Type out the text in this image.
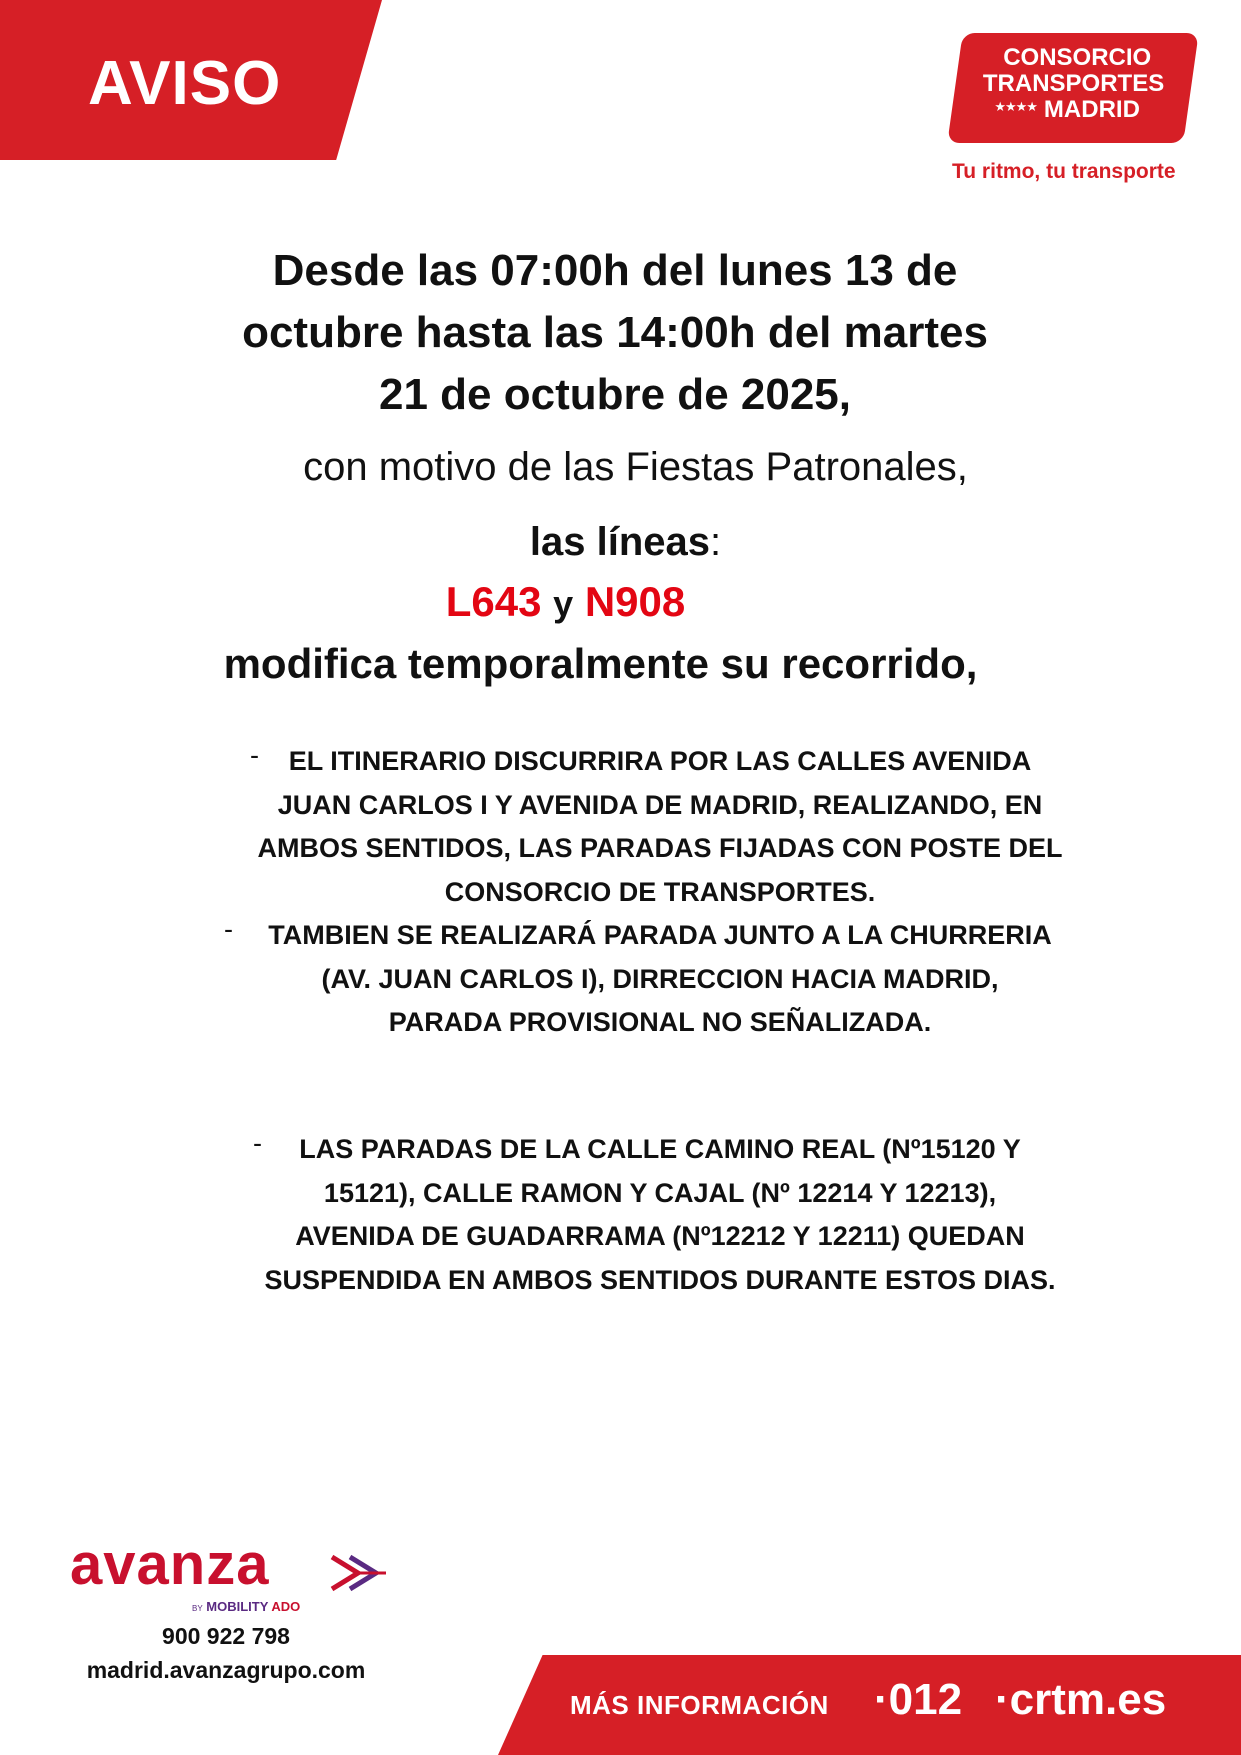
AVISO	CONSORCIO
TRANSPORTES
★★★★ MADRID
Tu ritmo, tu transporte
Desde las 07:00h del lunes 13 de
octubre hasta las 14:00h del martes
21 de octubre de 2025,
con motivo de las Fiestas Patronales,
las líneas:
L643 y N908
modifica temporalmente su recorrido,
-	EL ITINERARIO DISCURRIRA POR LAS CALLES AVENIDA
JUAN CARLOS I Y AVENIDA DE MADRID, REALIZANDO, EN
AMBOS SENTIDOS, LAS PARADAS FIJADAS CON POSTE DEL
CONSORCIO DE TRANSPORTES.
-	TAMBIEN SE REALIZARÁ PARADA JUNTO A LA CHURRERIA
(AV. JUAN CARLOS I), DIRRECCION HACIA MADRID,
PARADA PROVISIONAL NO SEÑALIZADA.
-	LAS PARADAS DE LA CALLE CAMINO REAL (Nº15120 Y
15121), CALLE RAMON Y CAJAL (Nº 12214 Y 12213),
AVENIDA DE GUADARRAMA (Nº12212 Y 12211) QUEDAN
SUSPENDIDA EN AMBOS SENTIDOS DURANTE ESTOS DIAS.
avanza
BY MOBILITY ADO
900 922 798
madrid.avanzagrupo.com
MÁS INFORMACIÓN ·012 ·crtm.es
